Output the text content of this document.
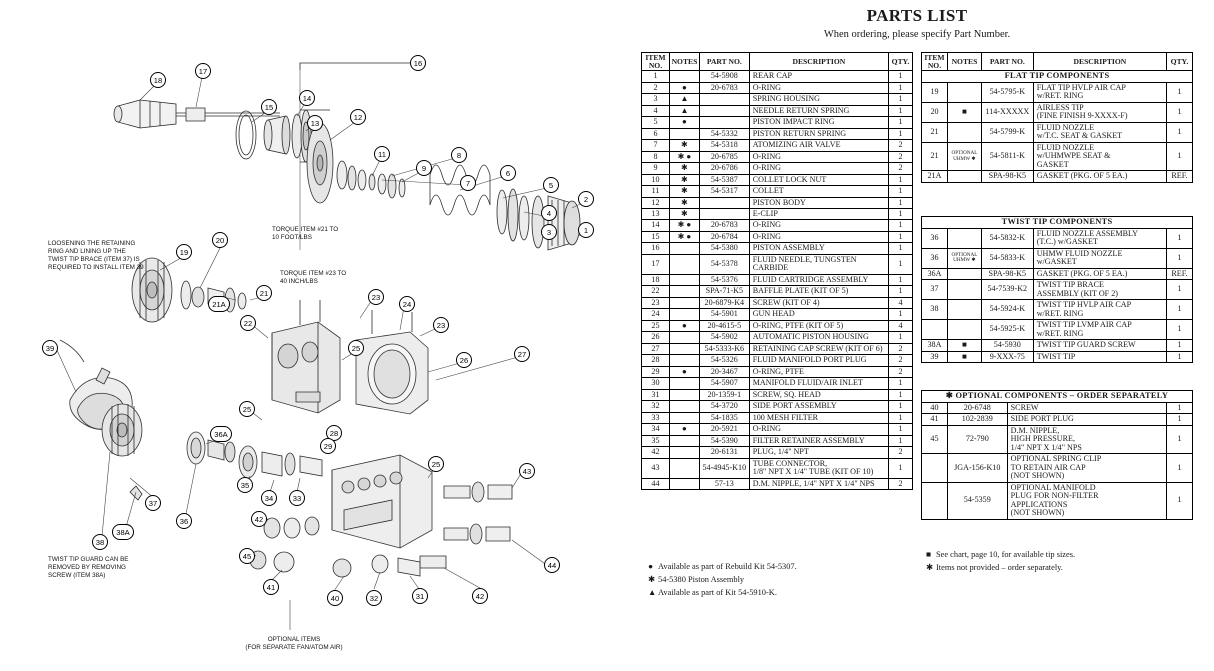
PARTS LIST
When ordering, please specify Part Number.
LOOSENING THE RETAINING
RING AND LINING UP THE
TWIST TIP BRACE (ITEM 37) IS
REQUIRED TO INSTALL ITEM 39
TORQUE ITEM #21 TO
10 FOOT/LBS
TORQUE ITEM #23 TO
40 INCH/LBS
TWIST TIP GUARD CAN BE
REMOVED BY REMOVING
SCREW (ITEM 38A)
OPTIONAL ITEMS
(FOR SEPARATE FAN/ATOM AIR)
18
17
16
15
14
13
12
11
9
8
7
6
5
4
3
2
1
19
20
21A
21
22
23
24
23
25
26
27
39
25
28
29
36A
43
25
35
34	33
42
37
36
38
38A
45
41
40	32	31	42
44
ITEM
NO.	NOTES	PART NO.	DESCRIPTION	QTY.
1		54-5908	REAR CAP	1
2	●	20-6783	O-RING	1
3	▲		SPRING HOUSING	1
4	▲		NEEDLE RETURN SPRING	1
5	●		PISTON IMPACT RING	1
6		54-5332	PISTON RETURN SPRING	1
7	✱	54-5318	ATOMIZING AIR VALVE	2
8	✱ ●	20-6785	O-RING	2
9	✱	20-6786	O-RING	2
10	✱	54-5387	COLLET LOCK NUT	1
11	✱	54-5317	COLLET	1
12	✱		PISTON BODY	1
13	✱		E-CLIP	1
14	✱ ●	20-6783	O-RING	1
15	✱ ●	20-6784	O-RING	1
16		54-5380	PISTON ASSEMBLY	1
17		54-5378	FLUID NEEDLE, TUNGSTEN CARBIDE	1
18		54-5376	FLUID CARTRIDGE ASSEMBLY	1
22		SPA-71-K5	BAFFLE PLATE (KIT OF 5)	1
23		20-6879-K4	SCREW (KIT OF 4)	4
24		54-5901	GUN HEAD	1
25	●	20-4615-5	O-RING, PTFE (KIT OF 5)	4
26		54-5902	AUTOMATIC PISTON HOUSING	1
27		54-5333-K6	RETAINING CAP SCREW (KIT OF 6)	2
28		54-5326	FLUID MANIFOLD PORT PLUG	2
29	●	20-3467	O-RING, PTFE	2
30		54-5907	MANIFOLD FLUID/AIR INLET	1
31		20-1359-1	SCREW, SQ. HEAD	1
32		54-3720	SIDE PORT ASSEMBLY	1
33		54-1835	100 MESH FILTER	1
34	●	20-5921	O-RING	1
35		54-5390	FILTER RETAINER ASSEMBLY	1
42		20-6131	PLUG, 1/4" NPT	2
43		54-4945-K10	TUBE CONNECTOR,
1/8" NPT X 1/4" TUBE (KIT OF 10)	1
44		57-13	D.M. NIPPLE, 1/4" NPT X 1/4" NPS	2
ITEM
NO.	NOTES	PART NO.	DESCRIPTION	QTY.
FLAT TIP COMPONENTS				
19		54-5795-K	FLAT TIP HVLP AIR CAP
w/RET. RING	1
20	■	114-XXXXX	AIRLESS TIP
(FINE FINISH 9-XXXX-F)	1
21		54-5799-K	FLUID NOZZLE
w/T.C. SEAT & GASKET	1
21	OPTIONAL
UHMW ✱	54-5811-K	FLUID NOZZLE
w/UHMWPE SEAT &
GASKET	1
21A		SPA-98-K5	GASKET (PKG. OF 5 EA.)	REF.
TWIST TIP COMPONENTS				

36		54-5832-K	FLUID NOZZLE ASSEMBLY
(T.C.) w/GASKET	1
36	OPTIONAL
UHMW ✱	54-5833-K	UHMW FLUID NOZZLE
w/GASKET	1
36A		SPA-98-K5	GASKET (PKG. OF 5 EA.)	REF.
37		54-7539-K2	TWIST TIP BRACE
ASSEMBLY (KIT OF 2)	1
38		54-5924-K	TWIST TIP HVLP AIR CAP
w/RET. RING	1
		54-5925-K	TWIST TIP LVMP AIR CAP
w/RET. RING	1
38A	■	54-5930	TWIST TIP GUARD SCREW	1
39	■	9-XXX-75	TWIST TIP	1
✱ OPTIONAL COMPONENTS – ORDER SEPARATELY			

40	20-6748	SCREW	1
41	102-2839	SIDE PORT PLUG	1
45	72-790	D.M. NIPPLE,
HIGH PRESSURE,
1/4" NPT X 1/4" NPS	1
	JGA-156-K10	OPTIONAL SPRING CLIP
TO RETAIN AIR CAP
(NOT SHOWN)	1
	54-5359	OPTIONAL MANIFOLD
PLUG FOR NON-FILTER
APPLICATIONS
(NOT SHOWN)	1
● Available as part of Rebuild Kit 54-5307.
✱ 54-5380 Piston Assembly
▲ Available as part of Kit 54-5910-K.
■ See chart, page 10, for available tip sizes.
✱ Items not provided – order separately.
